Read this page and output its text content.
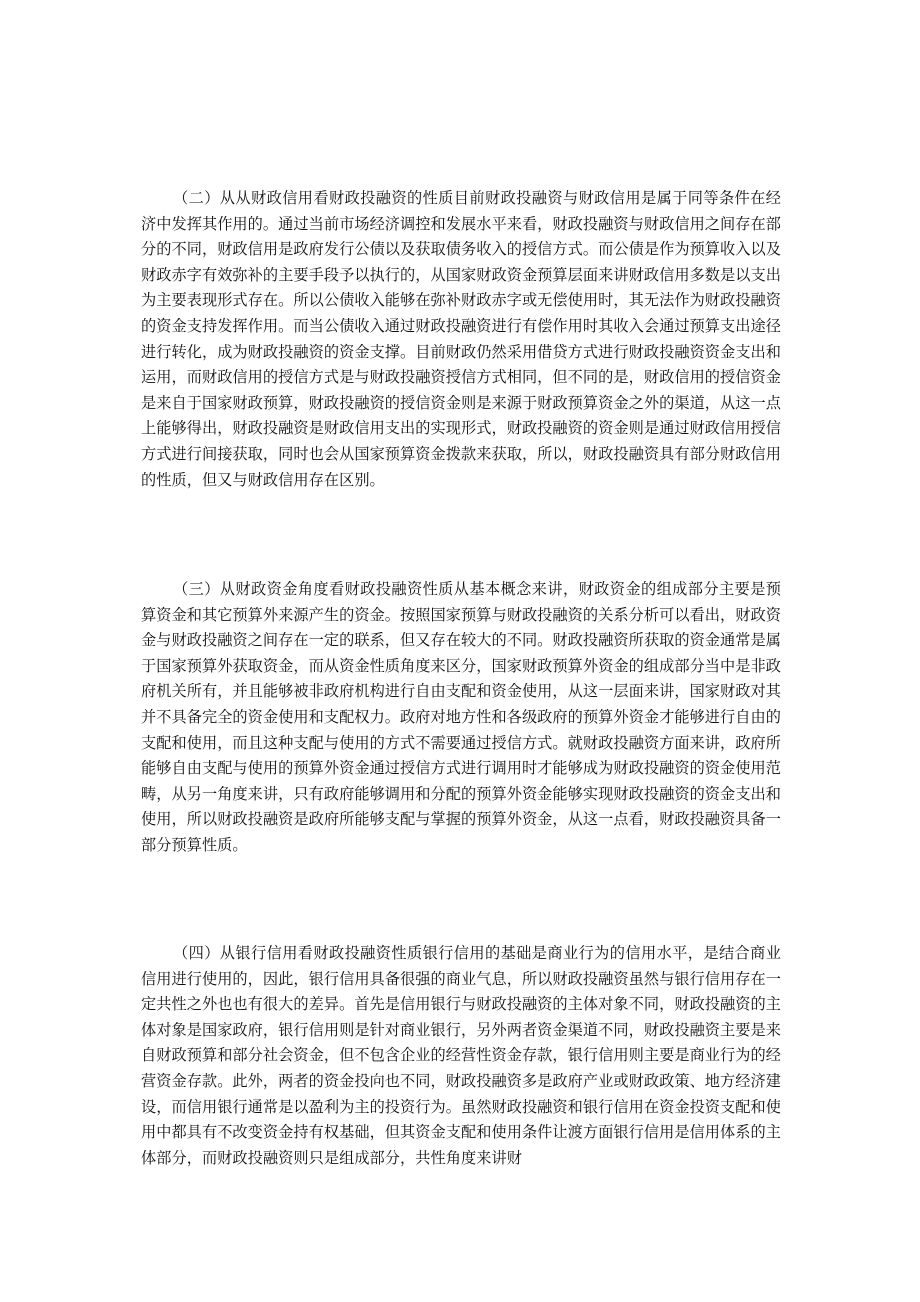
（二）从从财政信用看财政投融资的性质目前财政投融资与财政信用是属于同等条件在经济中发挥其作用的。通过当前市场经济调控和发展水平来看，财政投融资与财政信用之间存在部分的不同，财政信用是政府发行公债以及获取债务收入的授信方式。而公债是作为预算收入以及财政赤字有效弥补的主要手段予以执行的，从国家财政资金预算层面来讲财政信用多数是以支出为主要表现形式存在。所以公债收入能够在弥补财政赤字或无偿使用时，其无法作为财政投融资的资金支持发挥作用。而当公债收入通过财政投融资进行有偿作用时其收入会通过预算支出途径进行转化，成为财政投融资的资金支撑。目前财政仍然采用借贷方式进行财政投融资资金支出和运用，而财政信用的授信方式是与财政投融资授信方式相同，但不同的是，财政信用的授信资金是来自于国家财政预算，财政投融资的授信资金则是来源于财政预算资金之外的渠道，从这一点上能够得出，财政投融资是财政信用支出的实现形式，财政投融资的资金则是通过财政信用授信方式进行间接获取，同时也会从国家预算资金拨款来获取，所以，财政投融资具有部分财政信用的性质，但又与财政信用存在区别。

（三）从财政资金角度看财政投融资性质从基本概念来讲，财政资金的组成部分主要是预算资金和其它预算外来源产生的资金。按照国家预算与财政投融资的关系分析可以看出，财政资金与财政投融资之间存在一定的联系，但又存在较大的不同。财政投融资所获取的资金通常是属于国家预算外获取资金，而从资金性质角度来区分，国家财政预算外资金的组成部分当中是非政府机关所有，并且能够被非政府机构进行自由支配和资金使用，从这一层面来讲，国家财政对其并不具备完全的资金使用和支配权力。政府对地方性和各级政府的预算外资金才能够进行自由的支配和使用，而且这种支配与使用的方式不需要通过授信方式。就财政投融资方面来讲，政府所能够自由支配与使用的预算外资金通过授信方式进行调用时才能够成为财政投融资的资金使用范畴，从另一角度来讲，只有政府能够调用和分配的预算外资金能够实现财政投融资的资金支出和使用，所以财政投融资是政府所能够支配与掌握的预算外资金，从这一点看，财政投融资具备一部分预算性质。

（四）从银行信用看财政投融资性质银行信用的基础是商业行为的信用水平，是结合商业信用进行使用的，因此，银行信用具备很强的商业气息，所以财政投融资虽然与银行信用存在一定共性之外也也有很大的差异。首先是信用银行与财政投融资的主体对象不同，财政投融资的主体对象是国家政府，银行信用则是针对商业银行，另外两者资金渠道不同，财政投融资主要是来自财政预算和部分社会资金，但不包含企业的经营性资金存款，银行信用则主要是商业行为的经营资金存款。此外，两者的资金投向也不同，财政投融资多是政府产业或财政政策、地方经济建设，而信用银行通常是以盈利为主的投资行为。虽然财政投融资和银行信用在资金投资支配和使用中都具有不改变资金持有权基础，但其资金支配和使用条件让渡方面银行信用是信用体系的主体部分，而财政投融资则只是组成部分，共性角度来讲财
